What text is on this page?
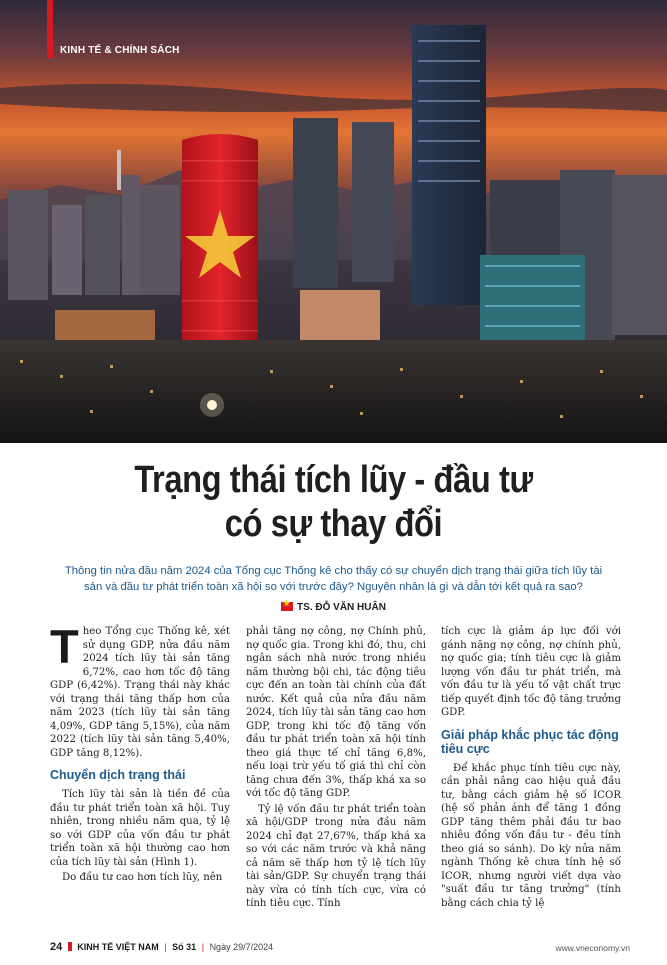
KINH TẾ & CHÍNH SÁCH
Trạng thái tích lũy - đầu tư
có sự thay đổi

Thông tin nửa đầu năm 2024 của Tổng cục Thống kê cho thấy có sự chuyển dịch trạng thái giữa tích lũy tài sản và đầu tư phát triển toàn xã hội so với trước đây? Nguyên nhân là gì và dẫn tới kết quả ra sao?

★TS. ĐỖ VĂN HUÂN

Theo Tổng cục Thống kê, xét sử dụng GDP, nửa đầu năm 2024 tích lũy tài sản tăng 6,72%, cao hơn tốc độ tăng GDP (6,42%). Trạng thái này khác với trạng thái tăng thấp hơn của năm 2023 (tích lũy tài sản tăng 4,09%, GDP tăng 5,15%), của năm 2022 (tích lũy tài sản tăng 5,40%, GDP tăng 8,12%).

Chuyển dịch trạng thái

Tích lũy tài sản là tiền đề của đầu tư phát triển toàn xã hội. Tuy nhiên, trong nhiều năm qua, tỷ lệ so với GDP của vốn đầu tư phát triển toàn xã hội thường cao hơn của tích lũy tài sản (Hình 1).

Do đầu tư cao hơn tích lũy, nên

phải tăng nợ công, nợ Chính phủ, nợ quốc gia. Trong khi đó, thu, chi ngân sách nhà nước trong nhiều năm thường bội chi, tác động tiêu cực đến an toàn tài chính của đất nước. Kết quả của nửa đầu năm 2024, tích lũy tài sản tăng cao hơn GDP, trong khi tốc độ tăng vốn đầu tư phát triển toàn xã hội tính theo giá thực tế chỉ tăng 6,8%, nếu loại trừ yếu tố giá thì chỉ còn tăng chưa đến 3%, thấp khá xa so với tốc độ tăng GDP.

Tỷ lệ vốn đầu tư phát triển toàn xã hội/GDP trong nửa đầu năm 2024 chỉ đạt 27,67%, thấp khá xa so với các năm trước và khả năng cả năm sẽ thấp hơn tỷ lệ tích lũy tài sản/GDP. Sự chuyển trạng thái này vừa có tính tích cực, vừa có tính tiêu cực. Tính

tích cực là giảm áp lực đối với gánh nặng nợ công, nợ chính phủ, nợ quốc gia; tính tiêu cực là giảm lượng vốn đầu tư phát triển, mà vốn đầu tư là yếu tố vật chất trực tiếp quyết định tốc độ tăng trưởng GDP.

Giải pháp khắc phục tác động tiêu cực

Để khắc phục tính tiêu cực này, cần phải nâng cao hiệu quả đầu tư, bằng cách giảm hệ số ICOR (hệ số phản ánh để tăng 1 đồng GDP tăng thêm phải đầu tư bao nhiêu đồng vốn đầu tư - đều tính theo giá so sánh). Do kỳ nửa năm ngành Thống kê chưa tính hệ số ICOR, nhưng người viết dựa vào "suất đầu tư tăng trưởng" (tính bằng cách chia tỷ lệ

24 KINH TẾ VIỆT NAM | Số 31 | Ngày 29/7/2024	www.vneconomy.vn
